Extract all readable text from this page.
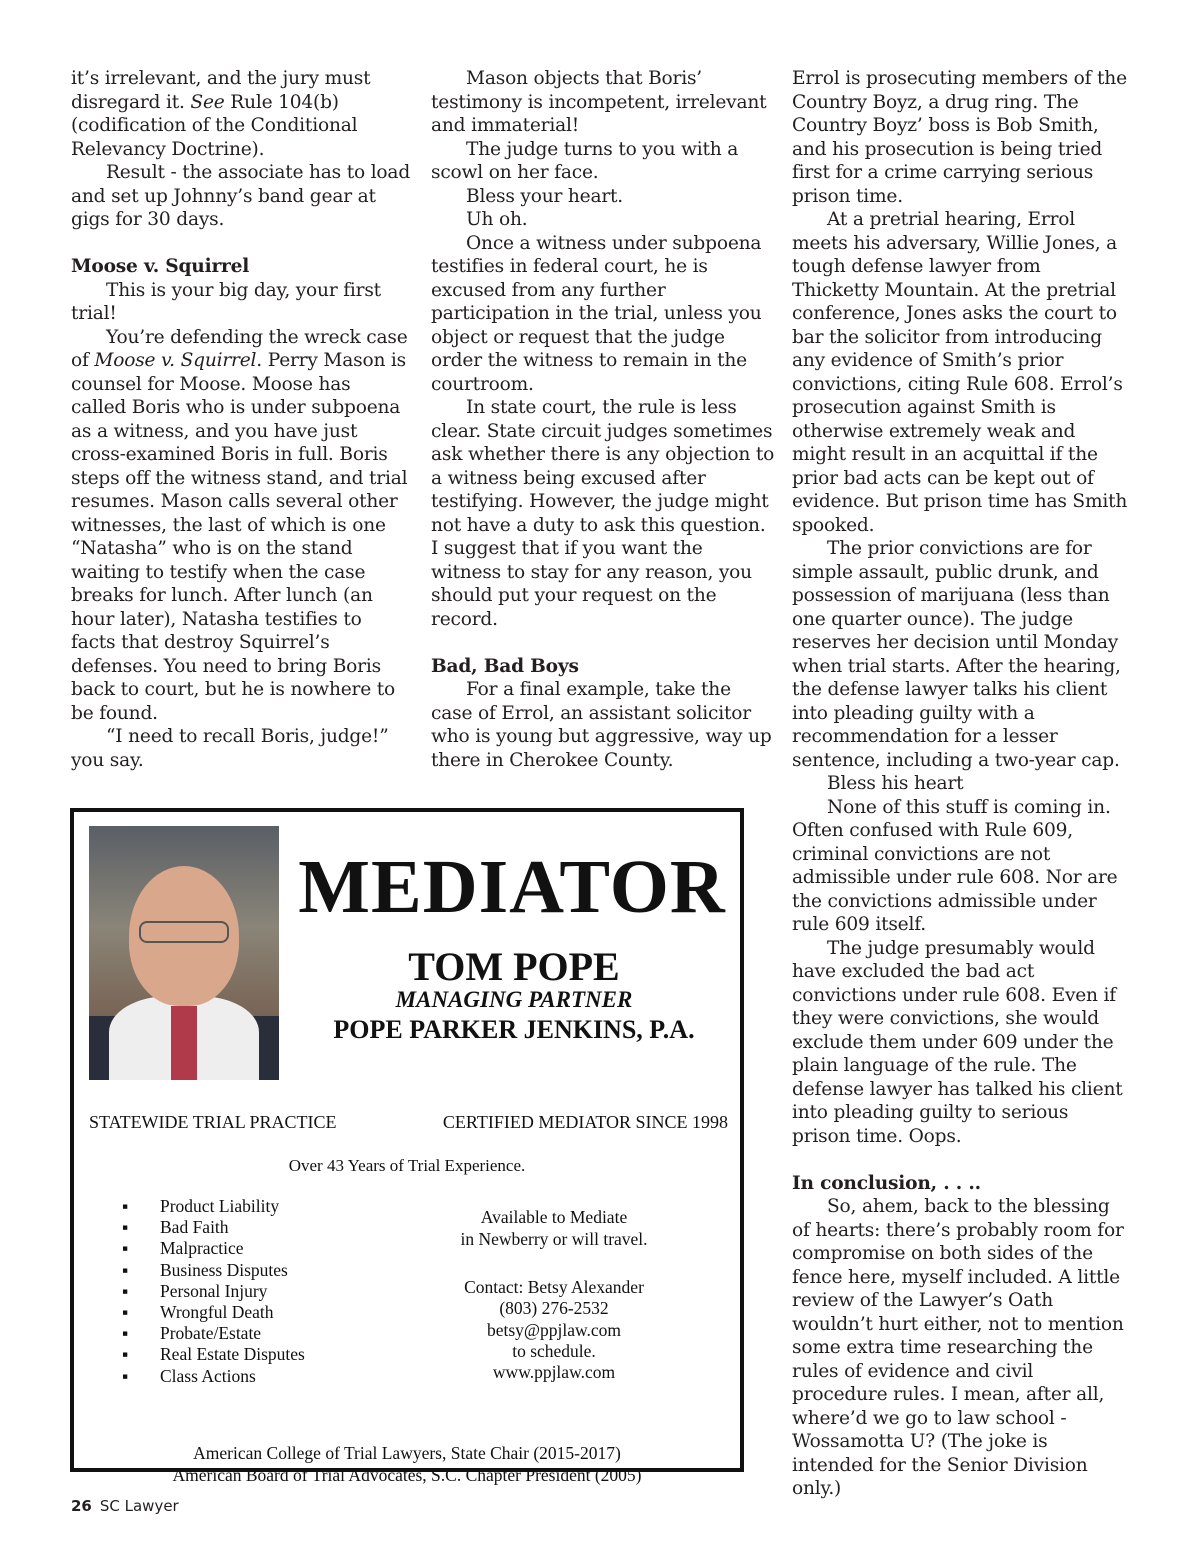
it’s irrelevant, and the jury must disregard it. See Rule 104(b) (codification of the Conditional Relevancy Doctrine).

Result - the associate has to load and set up Johnny’s band gear at gigs for 30 days.

Moose v. Squirrel

This is your big day, your first trial!

You’re defending the wreck case of Moose v. Squirrel. Perry Mason is counsel for Moose. Moose has called Boris who is under subpoena as a witness, and you have just cross-examined Boris in full. Boris steps off the witness stand, and trial resumes. Mason calls several other witnesses, the last of which is one “Natasha” who is on the stand waiting to testify when the case breaks for lunch. After lunch (an hour later), Natasha testifies to facts that destroy Squirrel’s defenses. You need to bring Boris back to court, but he is nowhere to be found.

“I need to recall Boris, judge!” you say.

Mason objects that Boris’ testimony is incompetent, irrelevant and immaterial!

The judge turns to you with a scowl on her face.

Bless your heart.

Uh oh.

Once a witness under subpoena testifies in federal court, he is excused from any further participation in the trial, unless you object or request that the judge order the witness to remain in the courtroom.

In state court, the rule is less clear. State circuit judges sometimes ask whether there is any objection to a witness being excused after testifying. However, the judge might not have a duty to ask this question. I suggest that if you want the witness to stay for any reason, you should put your request on the record.

Bad, Bad Boys

For a final example, take the case of Errol, an assistant solicitor who is young but aggressive, way up there in Cherokee County.

Errol is prosecuting members of the Country Boyz, a drug ring. The Country Boyz’ boss is Bob Smith, and his prosecution is being tried first for a crime carrying serious prison time.

At a pretrial hearing, Errol meets his adversary, Willie Jones, a tough defense lawyer from Thicketty Mountain. At the pretrial conference, Jones asks the court to bar the solicitor from introducing any evidence of Smith’s prior convictions, citing Rule 608. Errol’s prosecution against Smith is otherwise extremely weak and might result in an acquittal if the prior bad acts can be kept out of evidence. But prison time has Smith spooked.

The prior convictions are for simple assault, public drunk, and possession of marijuana (less than one quarter ounce). The judge reserves her decision until Monday when trial starts. After the hearing, the defense lawyer talks his client into pleading guilty with a recommendation for a lesser sentence, including a two-year cap.

Bless his heart

None of this stuff is coming in. Often confused with Rule 609, criminal convictions are not admissible under rule 608. Nor are the convictions admissible under rule 609 itself.

The judge presumably would have excluded the bad act convictions under rule 608. Even if they were convictions, she would exclude them under 609 under the plain language of the rule. The defense lawyer has talked his client into pleading guilty to serious prison time. Oops.

In conclusion, . . ..

So, ahem, back to the blessing of hearts: there’s probably room for compromise on both sides of the fence here, myself included. A little review of the Lawyer’s Oath wouldn’t hurt either, not to mention some extra time researching the rules of evidence and civil procedure rules. I mean, after all, where’d we go to law school - Wossamotta U? (The joke is intended for the Senior Division only.)

MEDIATOR
TOM POPE
MANAGING PARTNER
POPE PARKER JENKINS, P.A.
STATEWIDE TRIAL PRACTICE	CERTIFIED MEDIATOR SINCE 1998
Over 43 Years of Trial Experience.
▪ Product Liability
▪ Bad Faith
▪ Malpractice
▪ Business Disputes
▪ Personal Injury
▪ Wrongful Death
▪ Probate/Estate
▪ Real Estate Disputes
▪ Class Actions
Available to Mediate
in Newberry or will travel.
Contact: Betsy Alexander
(803) 276-2532
betsy@ppjlaw.com
to schedule.
www.ppjlaw.com
American College of Trial Lawyers, State Chair (2015-2017)
American Board of Trial Advocates, S.C. Chapter President (2005)
26 SC Lawyer
